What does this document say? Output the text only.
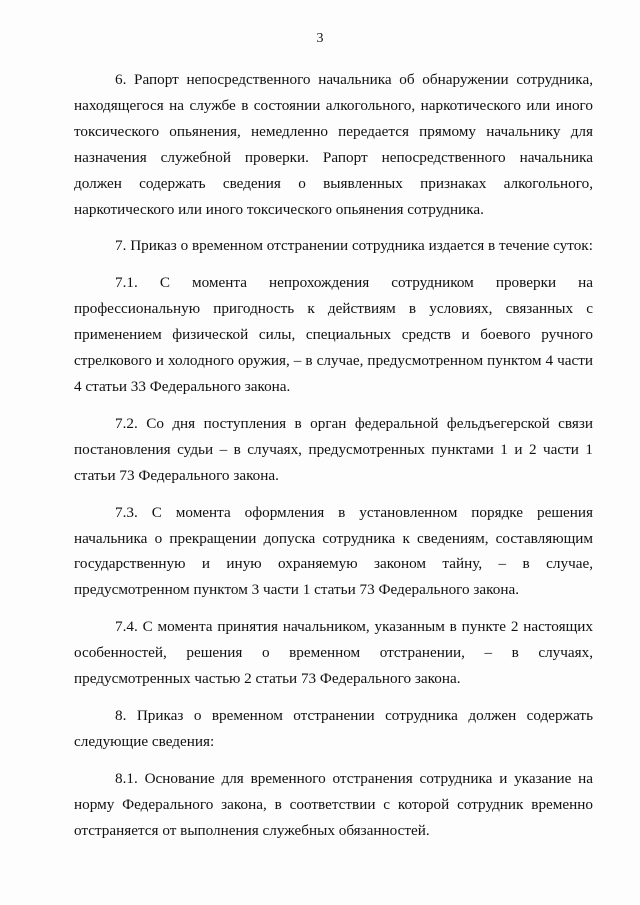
3

6. Рапорт непосредственного начальника об обнаружении сотрудника, находящегося на службе в состоянии алкогольного, наркотического или иного токсического опьянения, немедленно передается прямому начальнику для назначения служебной проверки. Рапорт непосредственного начальника должен содержать сведения о выявленных признаках алкогольного, наркотического или иного токсического опьянения сотрудника.

7. Приказ о временном отстранении сотрудника издается в течение суток:

7.1. С момента непрохождения сотрудником проверки на профессиональную пригодность к действиям в условиях, связанных с применением физической силы, специальных средств и боевого ручного стрелкового и холодного оружия, – в случае, предусмотренном пунктом 4 части 4 статьи 33 Федерального закона.

7.2. Со дня поступления в орган федеральной фельдъегерской связи постановления судьи – в случаях, предусмотренных пунктами 1 и 2 части 1 статьи 73 Федерального закона.

7.3. С момента оформления в установленном порядке решения начальника о прекращении допуска сотрудника к сведениям, составляющим государственную и иную охраняемую законом тайну, – в случае, предусмотренном пунктом 3 части 1 статьи 73 Федерального закона.

7.4. С момента принятия начальником, указанным в пункте 2 настоящих особенностей, решения о временном отстранении, – в случаях, предусмотренных частью 2 статьи 73 Федерального закона.

8. Приказ о временном отстранении сотрудника должен содержать следующие сведения:

8.1. Основание для временного отстранения сотрудника и указание на норму Федерального закона, в соответствии с которой сотрудник временно отстраняется от выполнения служебных обязанностей.
